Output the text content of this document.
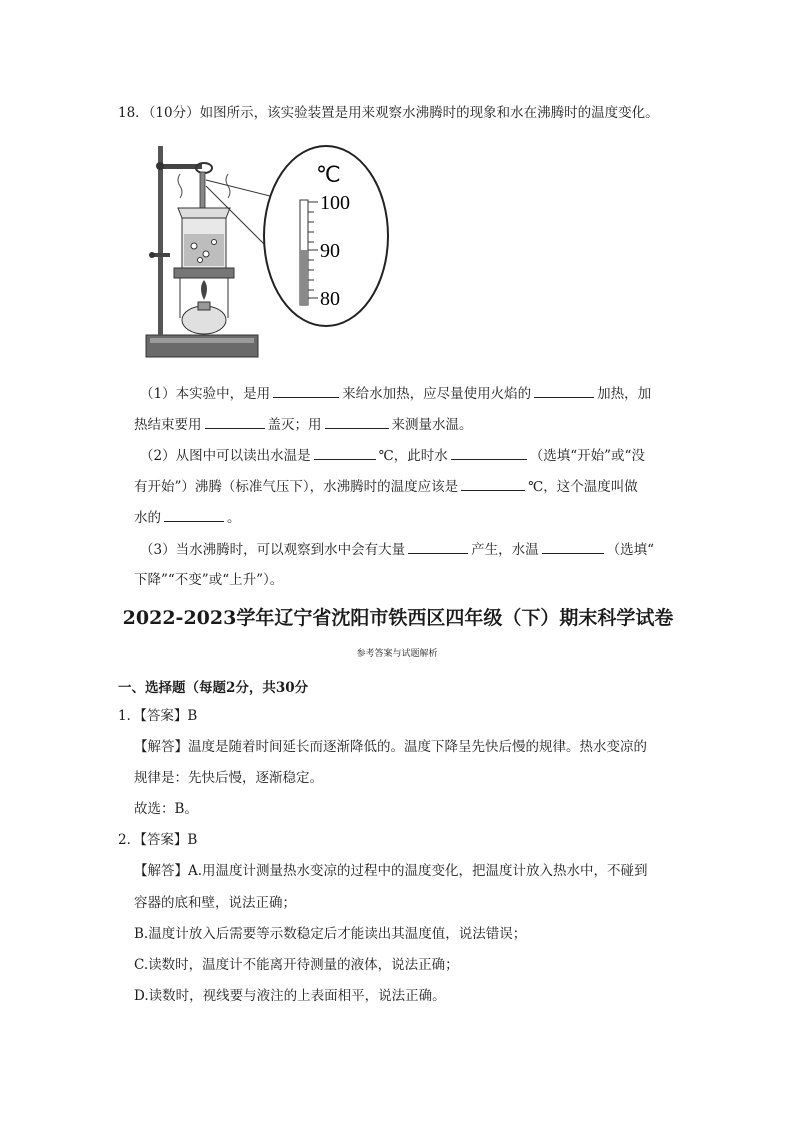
18．（10分）如图所示，该实验装置是用来观察水沸腾时的现象和水在沸腾时的温度变化。
℃
100
90
80
（1）本实验中，是用	来给水加热，应尽量使用火焰的	加热，加
热结束要用	盖灭；用	来测量水温。
（2）从图中可以读出水温是	℃，此时水	（选填“开始”或“没
有开始”）沸腾（标准气压下），水沸腾时的温度应该是	℃，这个温度叫做
水的	。
（3）当水沸腾时，可以观察到水中会有大量	产生，水温	（选填“
下降”“不变”或“上升”）。
2022-2023学年辽宁省沈阳市铁西区四年级（下）期末科学试卷
参考答案与试题解析
一、选择题（每题2分，共30分
1．【答案】B
【解答】温度是随着时间延长而逐渐降低的。温度下降呈先快后慢的规律。热水变凉的
规律是：先快后慢，逐渐稳定。
故选：B。
2．【答案】B
【解答】A.用温度计测量热水变凉的过程中的温度变化，把温度计放入热水中，不碰到
容器的底和壁，说法正确；
B.温度计放入后需要等示数稳定后才能读出其温度值，说法错误；
C.读数时，温度计不能离开待测量的液体，说法正确；
D.读数时，视线要与液注的上表面相平，说法正确。
